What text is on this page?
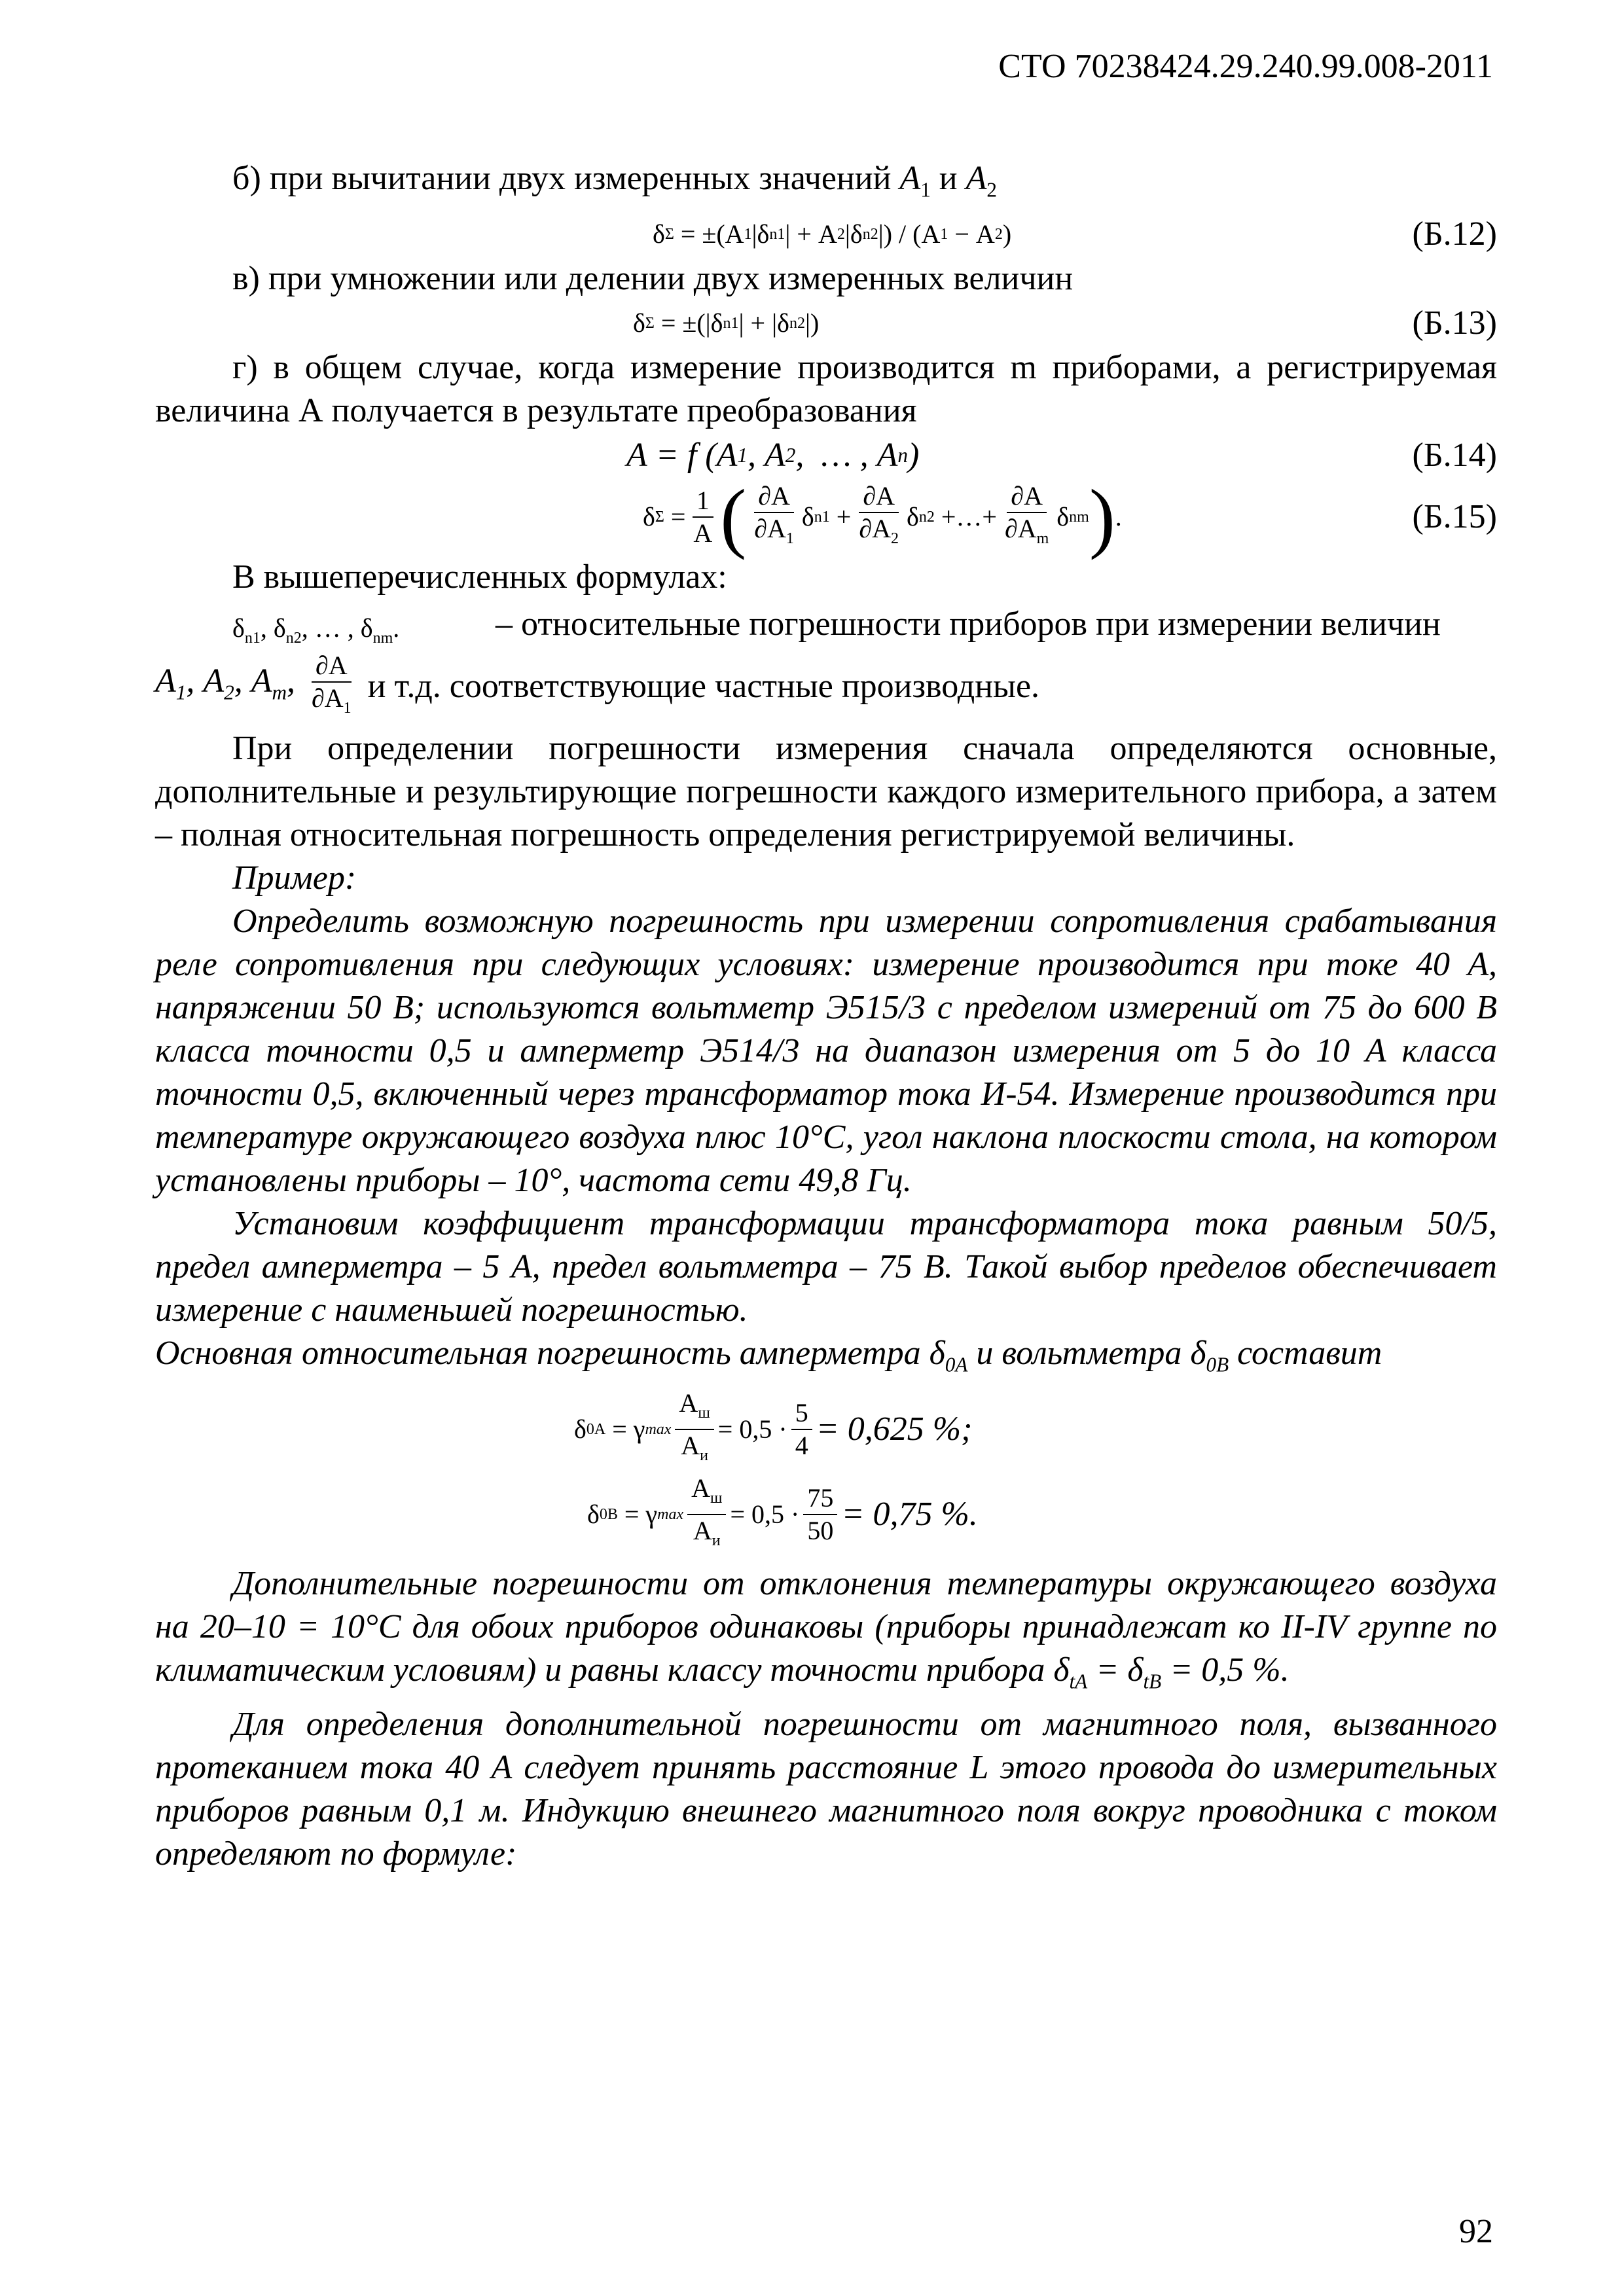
СТО 70238424.29.240.99.008-2011

б) при вычитании двух измеренных значений $A_1$ и $A_2$

δ Σ = ±(A 1 |δ n1 | + A 2 |δ n2 |) / (A 1 − A 2 )	(Б.12)

в) при умножении или делении двух измеренных величин

δ Σ = ±(|δ n1 | + |δ n2 |)	(Б.13)

г) в общем случае, когда измерение производится m приборами, а регистрируемая величина А получается в результате преобразования

A = f (A 1 , A 2 ,  … , A n )	(Б.14)
δ Σ =
1
A ( ∂A
$\partial A_1$
δ n1 +
∂A
$\partial A_2$
δ n2 +…+
∂A
$\partial A_m$
δ nm ) .	(Б.15)

В вышеперечисленных формулах:

$\delta_{n1}$, $\delta_{n2}$, … , $\delta_{nm}$.	– относительные погрешности приборов при измерении величин
$A_1$, $A_2$, $A_m$,
∂A
$\partial A_1$

и т.д. соответствующие частные производные.

При определении погрешности измерения сначала определяются основные, дополнительные и результирующие погрешности каждого измерительного прибора, а затем – полная относительная погрешность определения регистрируемой величины.

Пример:

Определить возможную погрешность при измерении сопротивления срабатывания реле сопротивления при следующих условиях: измерение производится при токе 40 А, напряжении 50 В; используются вольтметр Э515/3 с пределом измерений от 75 до 600 В класса точности 0,5 и амперметр Э514/3 на диапазон измерения от 5 до 10 А класса точности 0,5, включенный через трансформатор тока И-54. Измерение производится при температуре окружающего воздуха плюс 10°С, угол наклона плоскости стола, на котором установлены приборы – 10°, частота сети 49,8 Гц.

Установим коэффициент трансформации трансформатора тока равным 50/5, предел амперметра – 5 А, предел вольтметра – 75 В. Такой выбор пределов обеспечивает измерение с наименьшей погрешностью.

Основная относительная погрешность амперметра $\delta_{0A}$ и вольтметра $\delta_{0B}$ составит

δ 0A = γ max
$A_ш$
$A_и$
= $0,5 \cdot \frac{5}{4} = 0,625$ %;
δ 0B = γ max
$A_ш$
$A_и$
= $0,5 \cdot \frac{75}{50} = 0,75$ %.

Дополнительные погрешности от отклонения температуры окружающего воздуха на 20–10 = 10°С для обоих приборов одинаковы (приборы принадлежат ко II-IV группе по климатическим условиям) и равны классу точности прибора $\delta_{tA} = \delta_{tB} = 0,5$ %.

Для определения дополнительной погрешности от магнитного поля, вызванного протеканием тока 40 А следует принять расстояние L этого провода до измерительных приборов равным 0,1 м. Индукцию внешнего магнитного поля вокруг проводника с током определяют по формуле:

92
